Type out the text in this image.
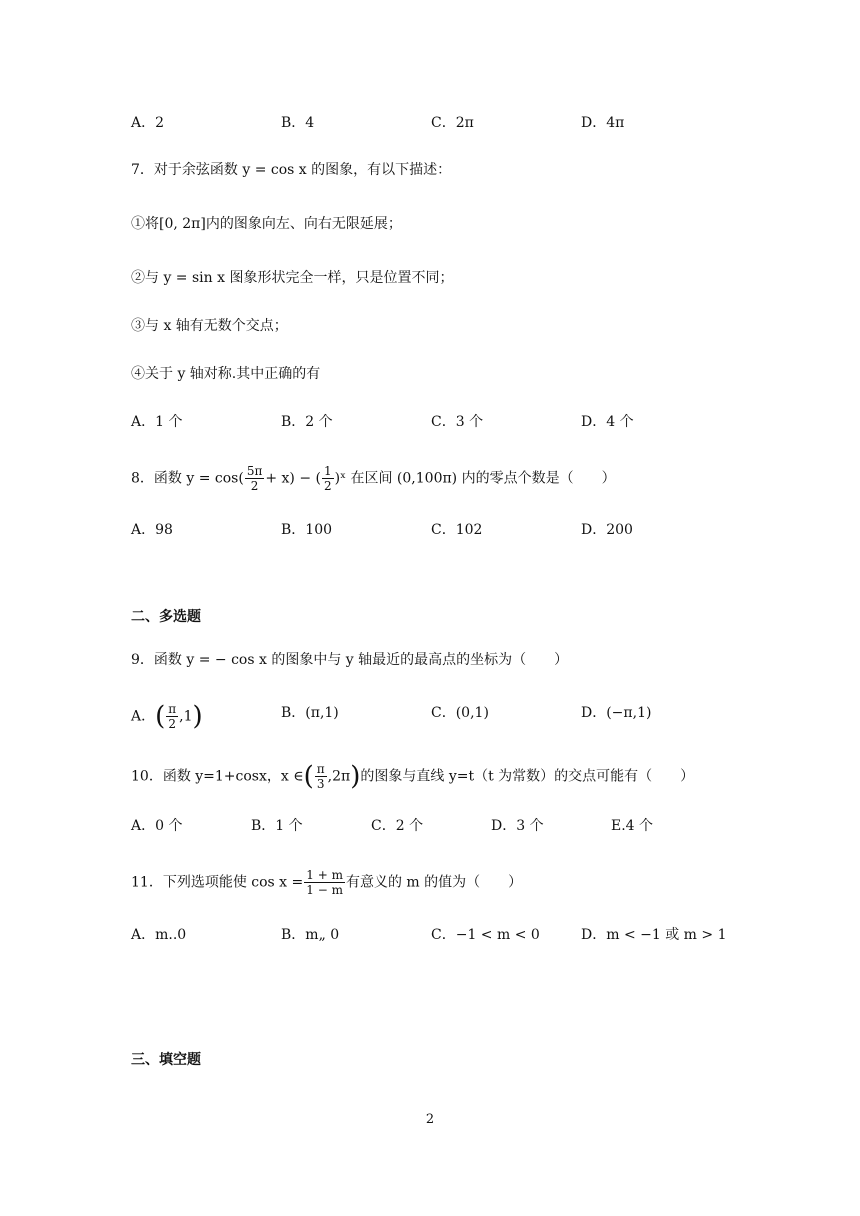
A．2	B．4	C．2π	D．4π
7．对于余弦函数 y = cos x 的图象，有以下描述：
①将[0, 2π]内的图象向左、向右无限延展；
②与 y = sin x 图象形状完全一样，只是位置不同；
③与 x 轴有无数个交点；
④关于 y 轴对称.其中正确的有
A．1 个	B．2 个	C．3 个	D．4 个
8．函数 $y = \cos( \frac{5\pi}{2} + x)$ − ( $\frac{1}{2}$ )ˣ 在区间 (0,100π) 内的零点个数是（　　）
A．98	B．100	C．102	D．200
二、多选题
9．函数 y = − cos x 的图象中与 y 轴最近的最高点的坐标为（　　）
A．( $\frac{\pi}{2} ,1$)	B．(π,1)	C．(0,1)	D．(−π,1)
10．函数 y=1+cosx，x ∈( $\frac{\pi}{3} ,2\pi$)的图象与直线 y=t（t 为常数）的交点可能有（　　）
A．0 个	B．1 个	C．2 个	D．3 个	E.4 个
11．下列选项能使 $\cos x = \frac{1 + m}{1 - m}$ 有意义的 m 的值为（　　）
A．m..0	B．m„ 0	C．−1 < m < 0	D．m < −1 或 m > 1
三、填空题
2
